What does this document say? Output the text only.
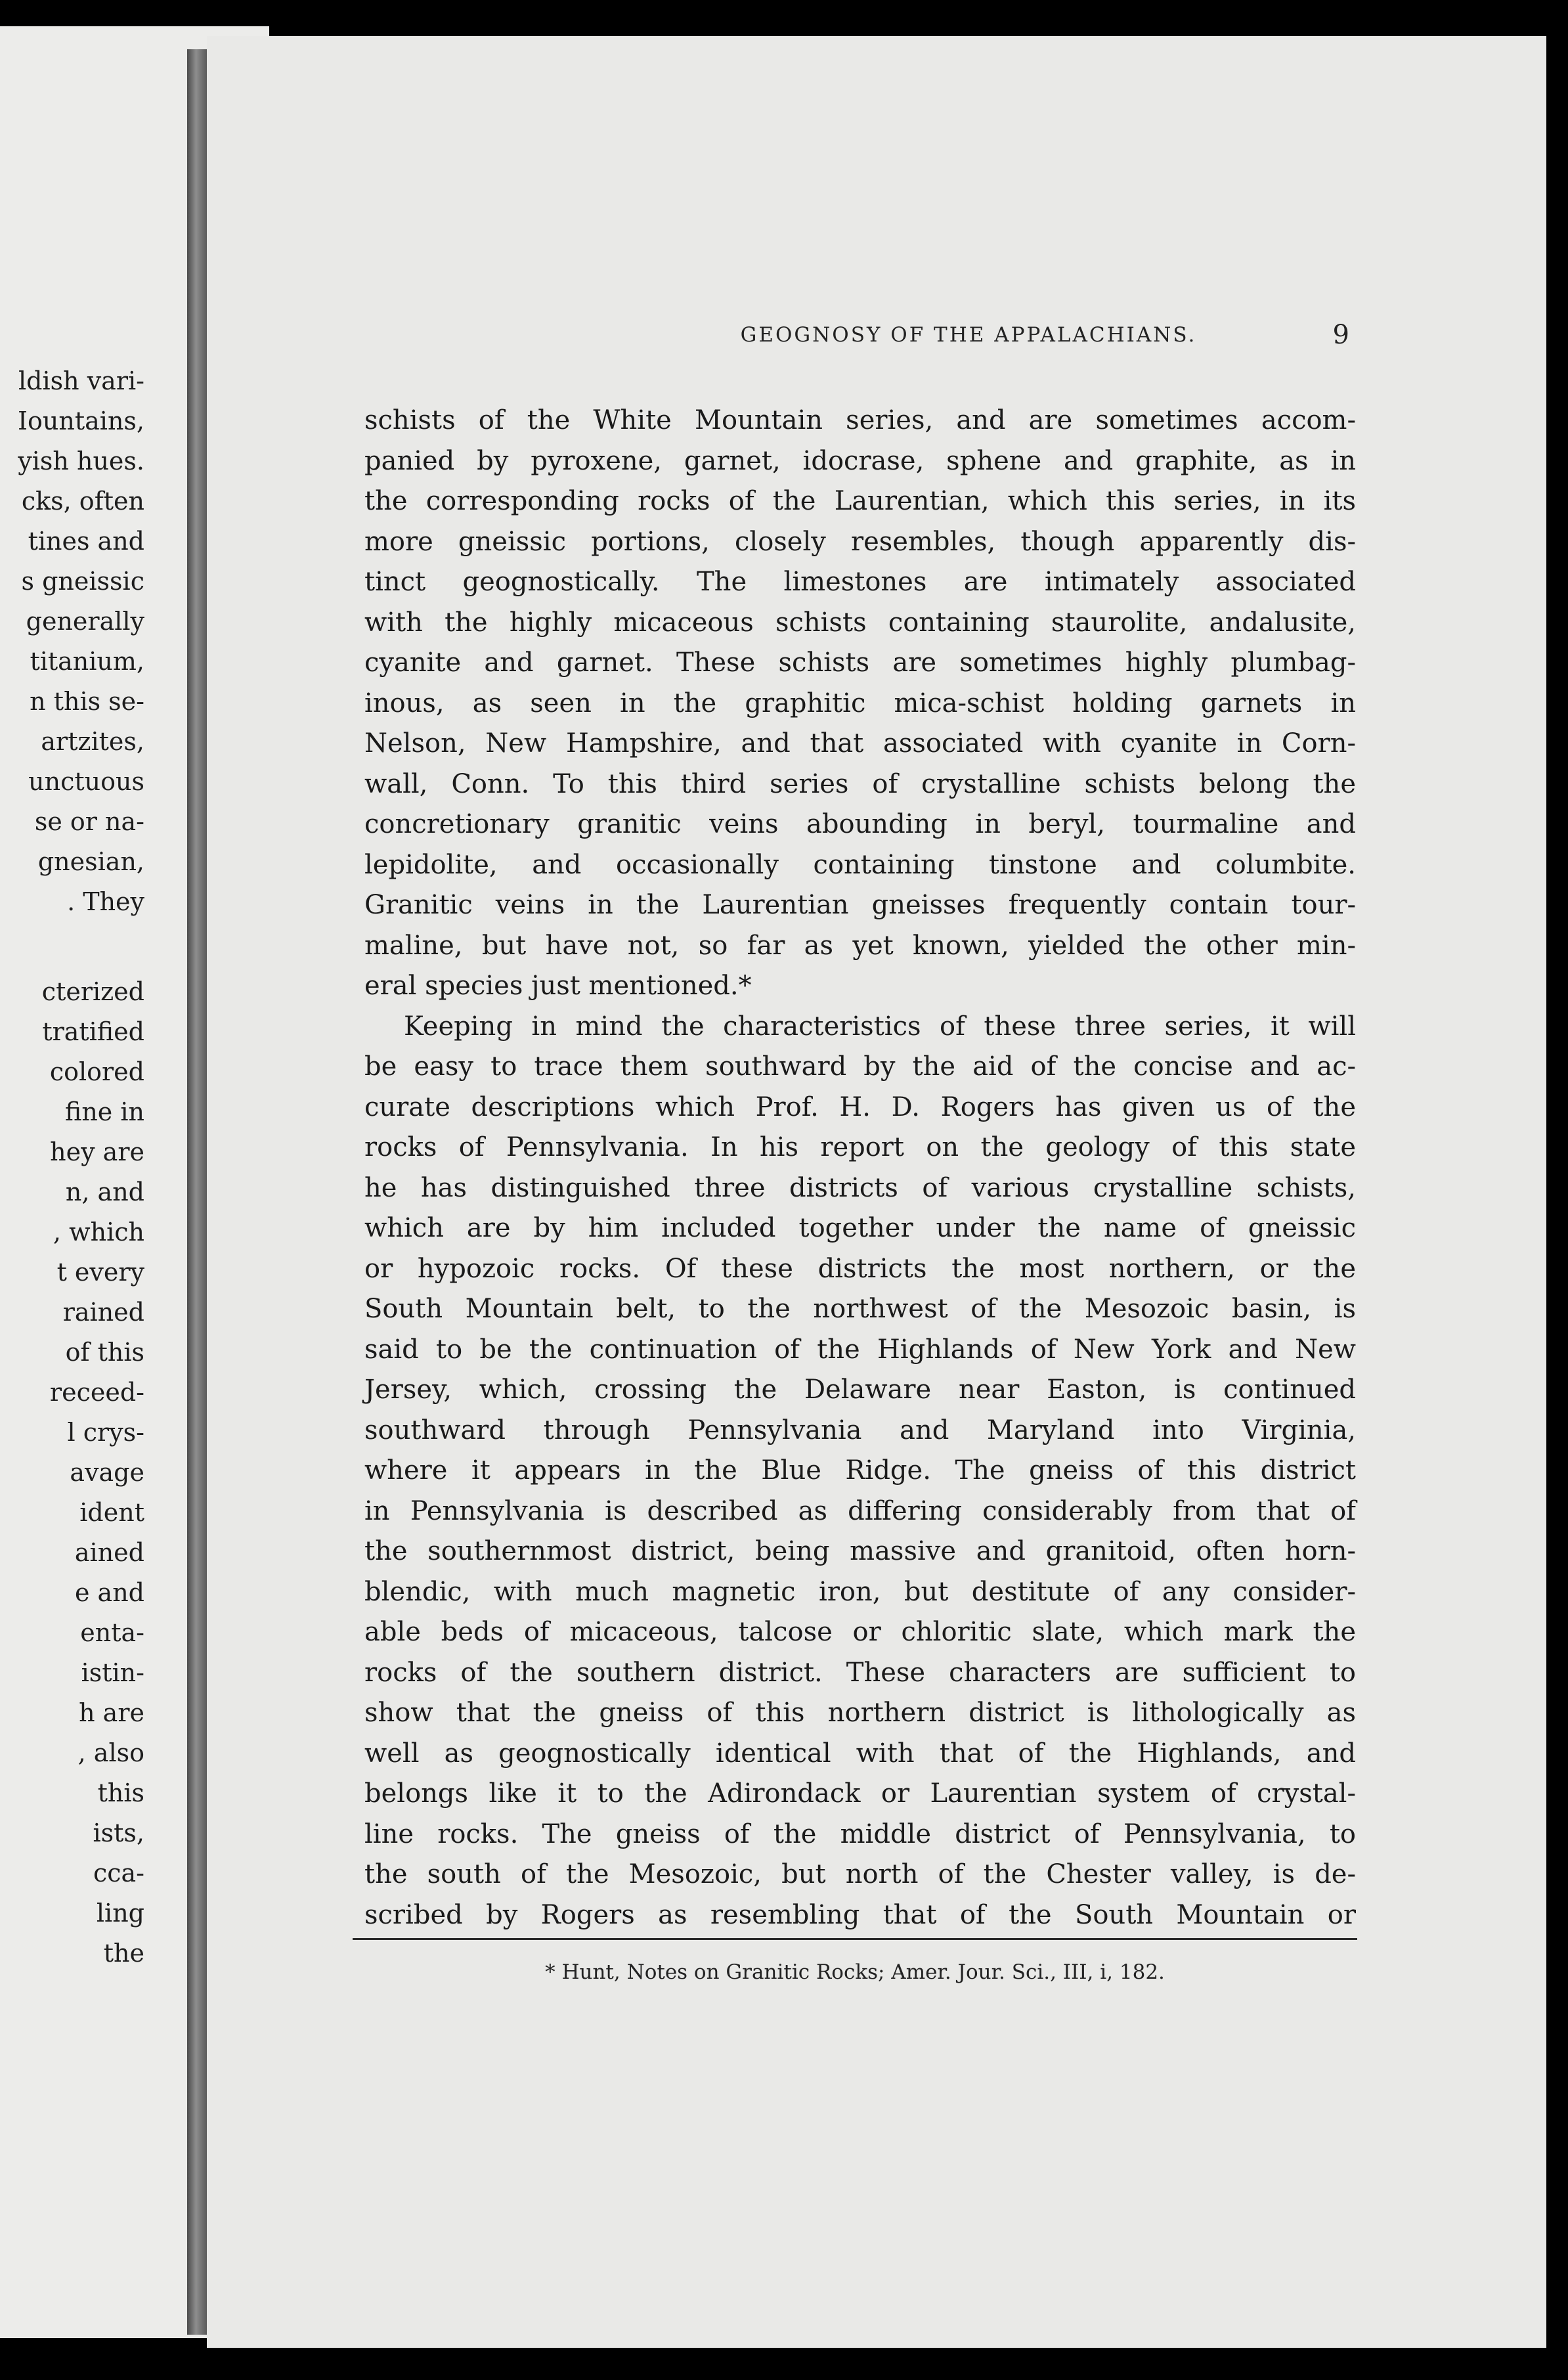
ldish vari-
Iountains,
yish hues.
cks, often
tines and
s gneissic
generally
titanium,
n this se-
artzites,
unctuous
se or na-
gnesian,
. They
cterized
tratified
colored
fine in
hey are
n, and
, which
t every
rained
of this
receed-
l crys-
avage
ident
ained
e and
enta-
istin-
h are
, also
this
ists,
cca-
ling
the
GEOGNOSY OF THE APPALACHIANS.	9
schists of the White Mountain series, and are sometimes accom-
panied by pyroxene, garnet, idocrase, sphene and graphite, as in
the corresponding rocks of the Laurentian, which this series, in its
more gneissic portions, closely resembles, though apparently dis-
tinct geognostically. The limestones are intimately associated
with the highly micaceous schists containing staurolite, andalusite,
cyanite and garnet. These schists are sometimes highly plumbag-
inous, as seen in the graphitic mica-schist holding garnets in
Nelson, New Hampshire, and that associated with cyanite in Corn-
wall, Conn. To this third series of crystalline schists belong the
concretionary granitic veins abounding in beryl, tourmaline and
lepidolite, and occasionally containing tinstone and columbite.
Granitic veins in the Laurentian gneisses frequently contain tour-
maline, but have not, so far as yet known, yielded the other min-
eral species just mentioned.*
Keeping in mind the characteristics of these three series, it will
be easy to trace them southward by the aid of the concise and ac-
curate descriptions which Prof. H. D. Rogers has given us of the
rocks of Pennsylvania. In his report on the geology of this state
he has distinguished three districts of various crystalline schists,
which are by him included together under the name of gneissic
or hypozoic rocks. Of these districts the most northern, or the
South Mountain belt, to the northwest of the Mesozoic basin, is
said to be the continuation of the Highlands of New York and New
Jersey, which, crossing the Delaware near Easton, is continued
southward through Pennsylvania and Maryland into Virginia,
where it appears in the Blue Ridge. The gneiss of this district
in Pennsylvania is described as differing considerably from that of
the southernmost district, being massive and granitoid, often horn-
blendic, with much magnetic iron, but destitute of any consider-
able beds of micaceous, talcose or chloritic slate, which mark the
rocks of the southern district. These characters are sufficient to
show that the gneiss of this northern district is lithologically as
well as geognostically identical with that of the Highlands, and
belongs like it to the Adirondack or Laurentian system of crystal-
line rocks. The gneiss of the middle district of Pennsylvania, to
the south of the Mesozoic, but north of the Chester valley, is de-
scribed by Rogers as resembling that of the South Mountain or
* Hunt, Notes on Granitic Rocks; Amer. Jour. Sci., III, i, 182.
